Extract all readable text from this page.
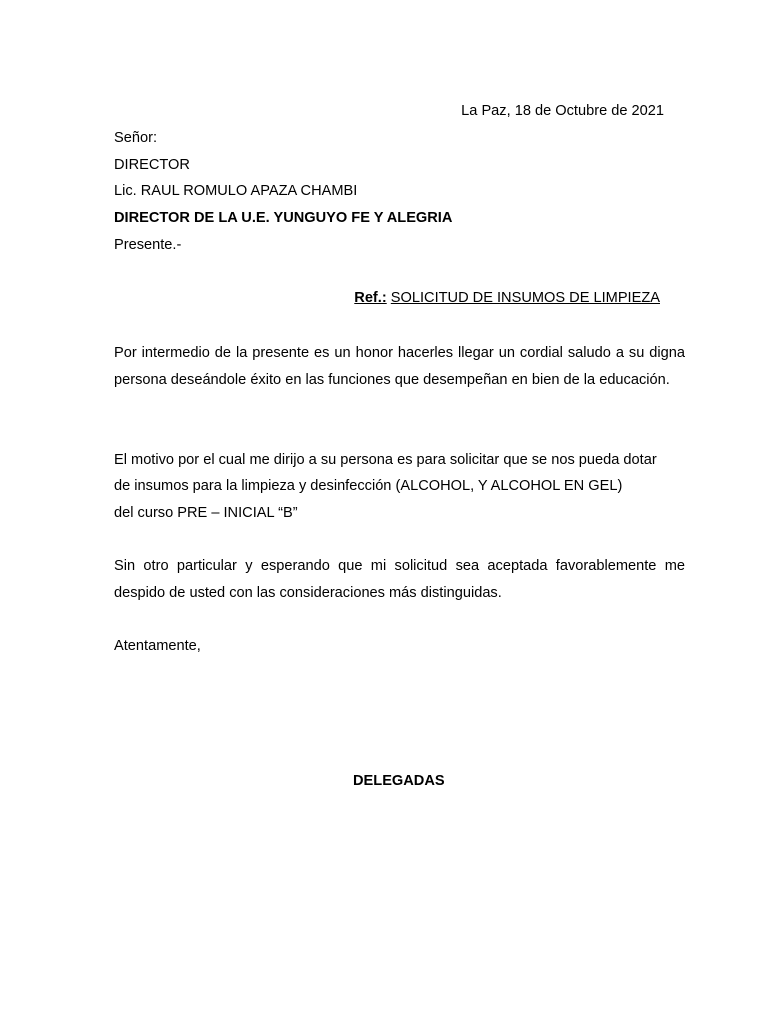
La Paz, 18 de Octubre de 2021
Señor:
DIRECTOR
Lic. RAUL ROMULO APAZA CHAMBI
DIRECTOR DE LA U.E. YUNGUYO FE Y ALEGRIA
Presente.-
Ref.: SOLICITUD DE INSUMOS DE LIMPIEZA
Por intermedio de la presente es un honor hacerles llegar un cordial saludo a su digna persona deseándole éxito en las funciones que desempeñan en bien de la educación.
El motivo por el cual me dirijo a su persona es para solicitar que se nos pueda dotar
de insumos para la limpieza y desinfección (ALCOHOL, Y ALCOHOL EN GEL)
del curso PRE – INICIAL “B”
Sin otro particular y esperando que mi solicitud sea aceptada favorablemente me despido de usted con las consideraciones más distinguidas.
Atentamente,
DELEGADAS
